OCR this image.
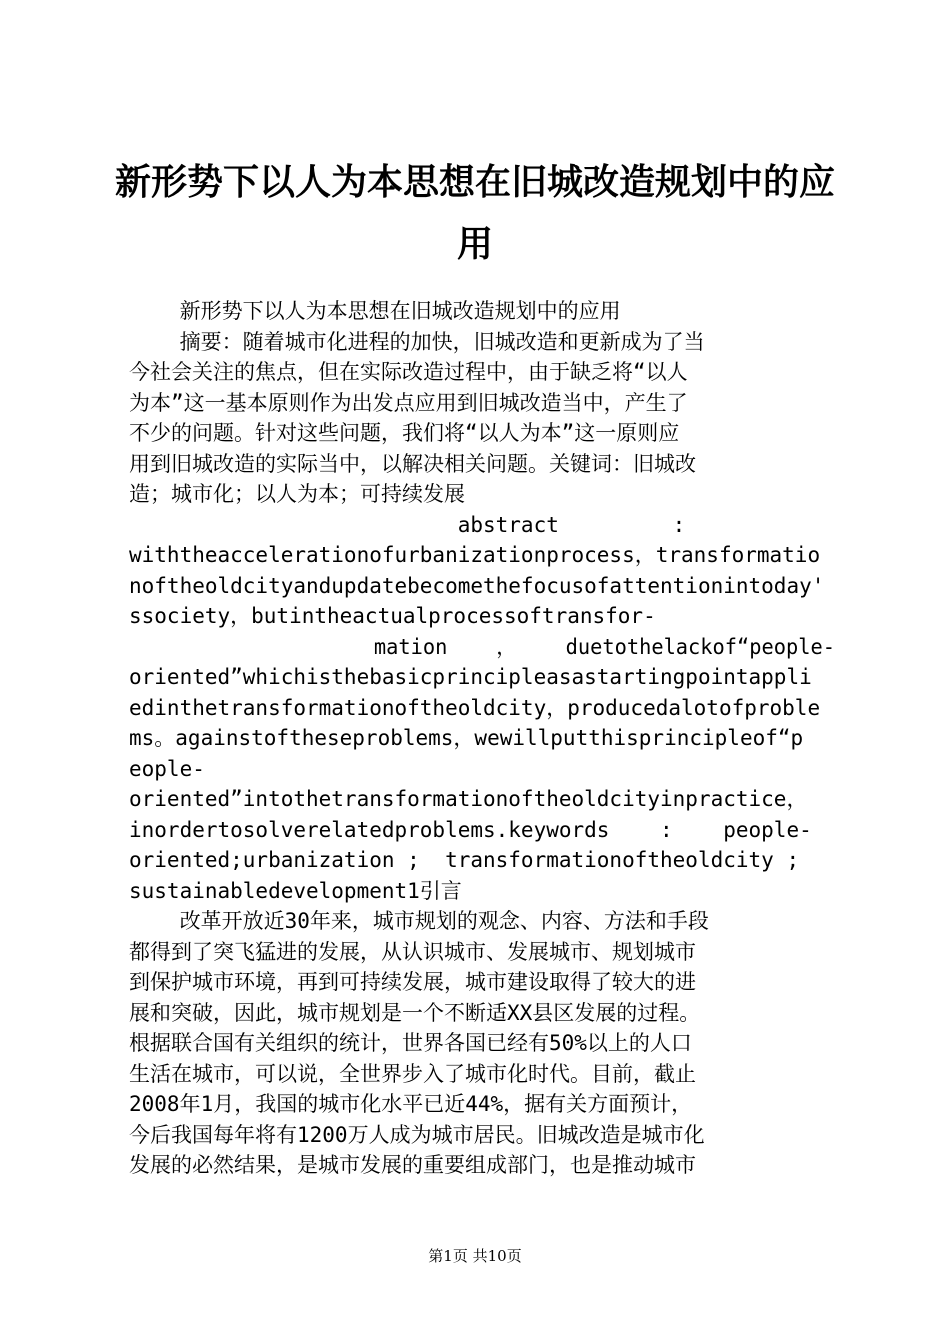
新形势下以人为本思想在旧城改造规划中的应
用
新形势下以人为本思想在旧城改造规划中的应用
摘要：随着城市化进程的加快，旧城改造和更新成为了当
今社会关注的焦点，但在实际改造过程中，由于缺乏将“以人
为本”这一基本原则作为出发点应用到旧城改造当中，产生了
不少的问题。针对这些问题，我们将“以人为本”这一原则应
用到旧城改造的实际当中，以解决相关问题。关键词：旧城改
造；城市化；以人为本；可持续发展
abstract         :
withtheaccelerationofurbanizationprocess，transformatio
noftheoldcityandupdatebecomethefocusofattentionintoday'
ssociety，butintheactualprocessoftransfor-
mation    ，    duetothelackof“people-
oriented”whichisthebasicprincipleasastartingpointappli
edinthetransformationoftheoldcity，producedalotofproble
ms。againstoftheseproblems，wewillputthisprincipleof“p
eople-
oriented”intothetransformationoftheoldcityinpractice，
inordertosolverelatedproblems.keywords    :    people-
oriented;urbanization ;  transformationoftheoldcity ;
sustainabledevelopment1引言
改革开放近30年来，城市规划的观念、内容、方法和手段
都得到了突飞猛进的发展，从认识城市、发展城市、规划城市
到保护城市环境，再到可持续发展，城市建设取得了较大的进
展和突破，因此，城市规划是一个不断适XX县区发展的过程。
根据联合国有关组织的统计，世界各国已经有50%以上的人口
生活在城市，可以说，全世界步入了城市化时代。目前，截止
2008年1月，我国的城市化水平已近44%，据有关方面预计，
今后我国每年将有1200万人成为城市居民。旧城改造是城市化
发展的必然结果，是城市发展的重要组成部门，也是推动城市
第1页 共10页
